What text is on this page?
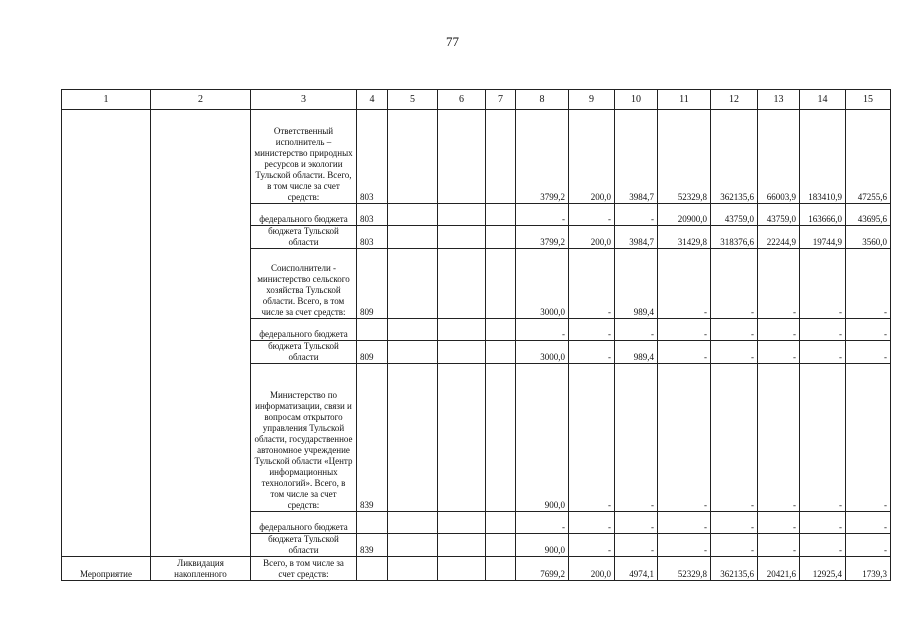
77
1	2	3	4	5	6	7	8	9	10	11	12	13	14	15
		Ответственный исполнитель – министерство природных ресурсов и экологии Тульской области. Всего, в том числе за счет средств:	803				3799,2	200,0	3984,7	52329,8	362135,6	66003,9	183410,9	47255,6
		федерального бюджета	803				-	-	-	20900,0	43759,0	43759,0	163666,0	43695,6
		бюджета Тульской области	803				3799,2	200,0	3984,7	31429,8	318376,6	22244,9	19744,9	3560,0
		Соисполнители - министерство сельского хозяйства Тульской области. Всего, в том числе за счет средств:	809				3000,0	-	989,4	-	-	-	-	-
		федерального бюджета					-	-	-	-	-	-	-	-
		бюджета Тульской области	809				3000,0	-	989,4	-	-	-	-	-
		Министерство по информатизации, связи и вопросам открытого управления Тульской области, государственное автономное учреждение Тульской области «Центр информационных технологий». Всего, в том числе за счет средств:	839				900,0	-	-	-	-	-	-	-
		федерального бюджета					-	-	-	-	-	-	-	-
		бюджета Тульской области	839				900,0	-	-	-	-	-	-	-
Мероприятие	Ликвидация накопленного	Всего, в том числе за счет средств:					7699,2	200,0	4974,1	52329,8	362135,6	20421,6	12925,4	1739,3
